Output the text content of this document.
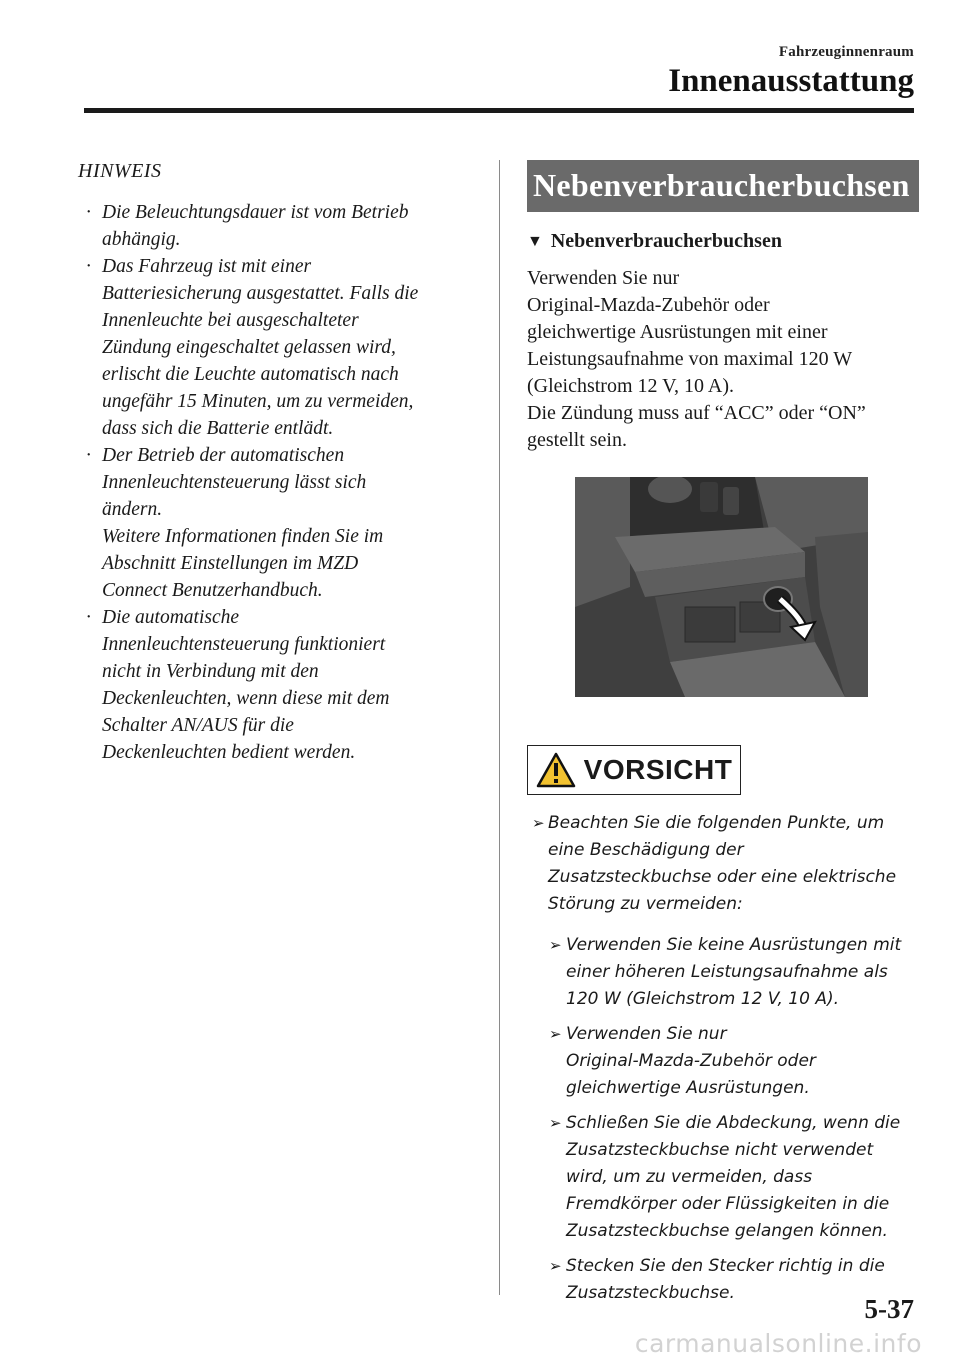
Fahrzeuginnenraum
Innenausstattung
HINWEIS
· Die Beleuchtungsdauer ist vom Betrieb
abhängig.
· Das Fahrzeug ist mit einer
Batteriesicherung ausgestattet. Falls die
Innenleuchte bei ausgeschalteter
Zündung eingeschaltet gelassen wird,
erlischt die Leuchte automatisch nach
ungefähr 15 Minuten, um zu vermeiden,
dass sich die Batterie entlädt.
· Der Betrieb der automatischen
Innenleuchtensteuerung lässt sich
ändern.
Weitere Informationen finden Sie im
Abschnitt Einstellungen im MZD
Connect Benutzerhandbuch.
· Die automatische
Innenleuchtensteuerung funktioniert
nicht in Verbindung mit den
Deckenleuchten, wenn diese mit dem
Schalter AN/AUS für die
Deckenleuchten bedient werden.
Nebenverbraucherbuchsen
▼ Nebenverbraucherbuchsen
Verwenden Sie nur
Original-Mazda-Zubehör oder
gleichwertige Ausrüstungen mit einer
Leistungsaufnahme von maximal 120 W
(Gleichstrom 12 V, 10 A).
Die Zündung muss auf “ACC” oder “ON”
gestellt sein.
VORSICHT
➢ Beachten Sie die folgenden Punkte, um
eine Beschädigung der
Zusatzsteckbuchse oder eine elektrische
Störung zu vermeiden:
➢ Verwenden Sie keine Ausrüstungen mit
einer höheren Leistungsaufnahme als
120 W (Gleichstrom 12 V, 10 A).
➢ Verwenden Sie nur
Original-Mazda-Zubehör oder
gleichwertige Ausrüstungen.
➢ Schließen Sie die Abdeckung, wenn die
Zusatzsteckbuchse nicht verwendet
wird, um zu vermeiden, dass
Fremdkörper oder Flüssigkeiten in die
Zusatzsteckbuchse gelangen können.
➢ Stecken Sie den Stecker richtig in die
Zusatzsteckbuchse.
5-37
carmanualsonline.info
